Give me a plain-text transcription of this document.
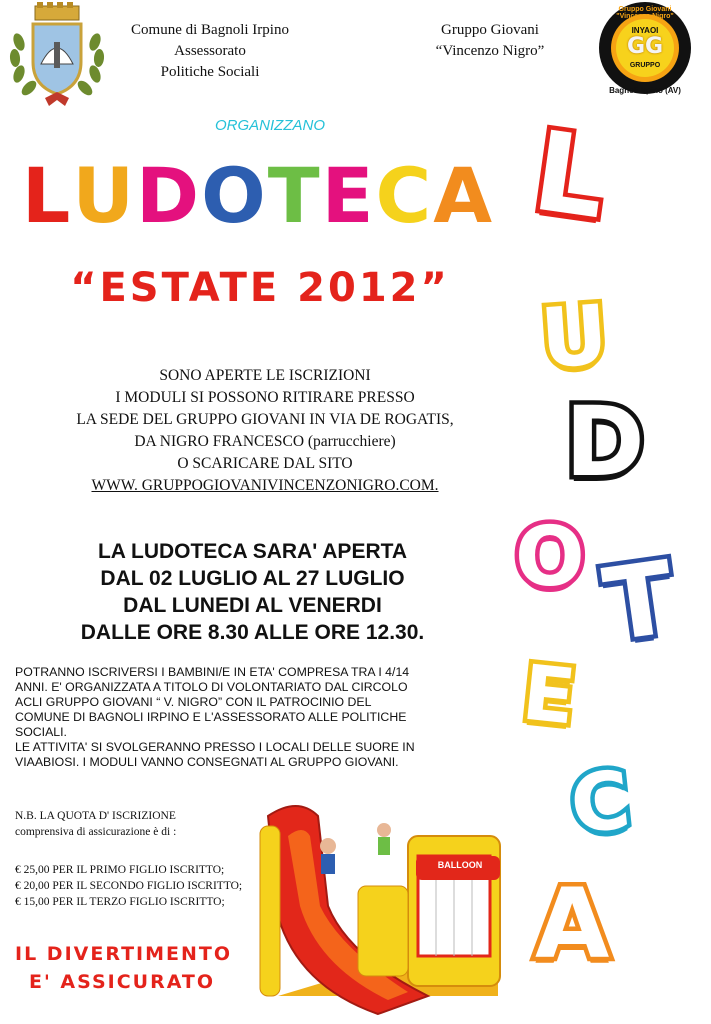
Comune di Bagnoli Irpino
Assessorato
Politiche Sociali
Gruppo Giovani
“Vincenzo Nigro”
Gruppo Giovani "Vincenzo Nigro"
INYAOI
GG
GRUPPO
Bagnoli Irpino (AV)
ORGANIZZANO
LUDOTECA
“ESTATE 2012”
L
U
D
O T
E
C
A
SONO APERTE LE ISCRIZIONI
I MODULI SI POSSONO RITIRARE PRESSO
LA SEDE DEL GRUPPO GIOVANI IN VIA DE ROGATIS,
DA NIGRO FRANCESCO (parrucchiere)
O SCARICARE DAL SITO
WWW. GRUPPOGIOVANIVINCENZONIGRO.COM.
LA LUDOTECA SARA' APERTA
DAL 02 LUGLIO AL 27 LUGLIO
DAL LUNEDI AL VENERDI
DALLE ORE 8.30 ALLE ORE 12.30.
POTRANNO ISCRIVERSI I BAMBINI/E IN ETA' COMPRESA TRA I 4/14
ANNI. E' ORGANIZZATA A TITOLO DI VOLONTARIATO DAL CIRCOLO
ACLI GRUPPO GIOVANI “ V. NIGRO” CON IL PATROCINIO DEL
COMUNE DI BAGNOLI IRPINO E L'ASSESSORATO ALLE POLITICHE
SOCIALI.
LE ATTIVITA' SI SVOLGERANNO PRESSO I LOCALI DELLE SUORE IN
VIAABIOSI. I MODULI VANNO CONSEGNATI AL GRUPPO GIOVANI.
N.B. LA QUOTA D' ISCRIZIONE
comprensiva di assicurazione è di :
€ 25,00 PER IL PRIMO FIGLIO ISCRITTO;
€ 20,00 PER IL SECONDO FIGLIO ISCRITTO;
€ 15,00 PER IL TERZO FIGLIO ISCRITTO;
IL DIVERTIMENTO
E' ASSICURATO
BALLOON
